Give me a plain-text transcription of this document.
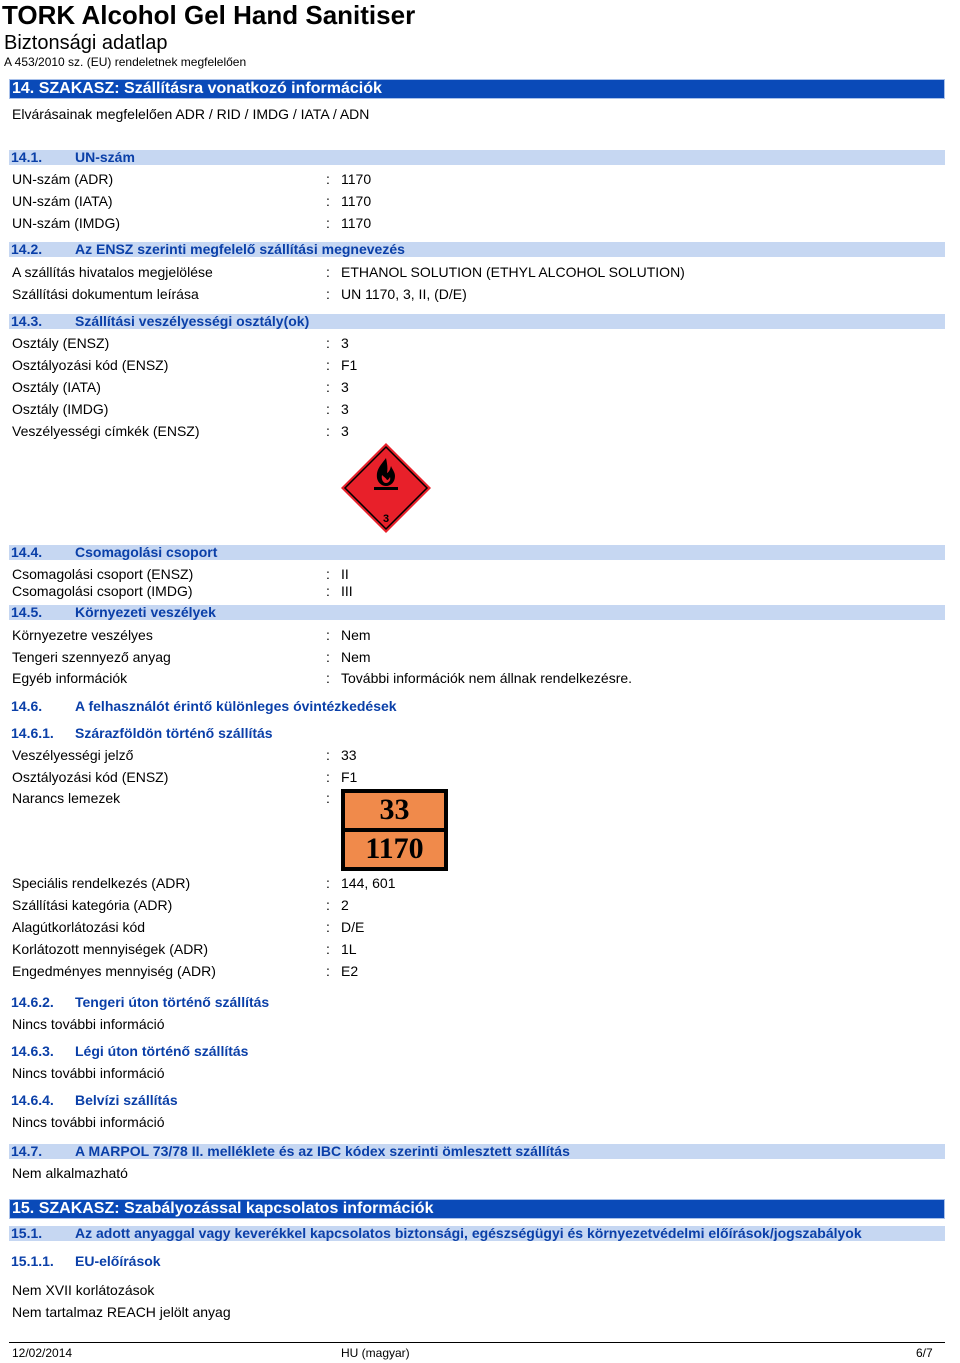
TORK Alcohol Gel Hand Sanitiser
Biztonsági adatlap
A 453/2010 sz. (EU) rendeletnek megfelelően
14. SZAKASZ: Szállításra vonatkozó információk
Elvárásainak megfelelően ADR / RID / IMDG / IATA / ADN
14.1. UN-szám
UN-szám (ADR)	: 1170
UN-szám (IATA)	: 1170
UN-szám (IMDG)	: 1170
14.2. Az ENSZ szerinti megfelelő szállítási megnevezés
A szállítás hivatalos megjelölése	: ETHANOL SOLUTION (ETHYL ALCOHOL SOLUTION)
Szállítási dokumentum leírása	: UN 1170, 3, II, (D/E)
14.3. Szállítási veszélyességi osztály(ok)
Osztály (ENSZ)	: 3
Osztályozási kód (ENSZ)	: F1
Osztály (IATA)	: 3
Osztály (IMDG)	: 3
Veszélyességi címkék (ENSZ)	: 3
3
14.4. Csomagolási csoport
Csomagolási csoport (ENSZ)	: II
Csomagolási csoport (IMDG)	: III
14.5. Környezeti veszélyek
Környezetre veszélyes	: Nem
Tengeri szennyező anyag	: Nem
Egyéb információk	: További információk nem állnak rendelkezésre.
14.6. A felhasználót érintő különleges óvintézkedések
14.6.1. Szárazföldön történő szállítás
Veszélyességi jelző	: 33
Osztályozási kód (ENSZ)	: F1
Narancs lemezek	:	33
1170
Speciális rendelkezés (ADR)	: 144, 601
Szállítási kategória (ADR)	: 2
Alagútkorlátozási kód	: D/E
Korlátozott mennyiségek (ADR)	: 1L
Engedményes mennyiség (ADR)	: E2
14.6.2. Tengeri úton történő szállítás
Nincs további információ
14.6.3. Légi úton történő szállítás
Nincs további információ
14.6.4. Belvízi szállítás
Nincs további információ
14.7. A MARPOL 73/78 II. melléklete és az IBC kódex szerinti ömlesztett szállítás
Nem alkalmazható
15. SZAKASZ: Szabályozással kapcsolatos információk
15.1. Az adott anyaggal vagy keverékkel kapcsolatos biztonsági, egészségügyi és környezetvédelmi előírások/jogszabályok
15.1.1. EU-előírások
Nem XVII korlátozások
Nem tartalmaz REACH jelölt anyag
12/02/2014	HU (magyar)	6/7
